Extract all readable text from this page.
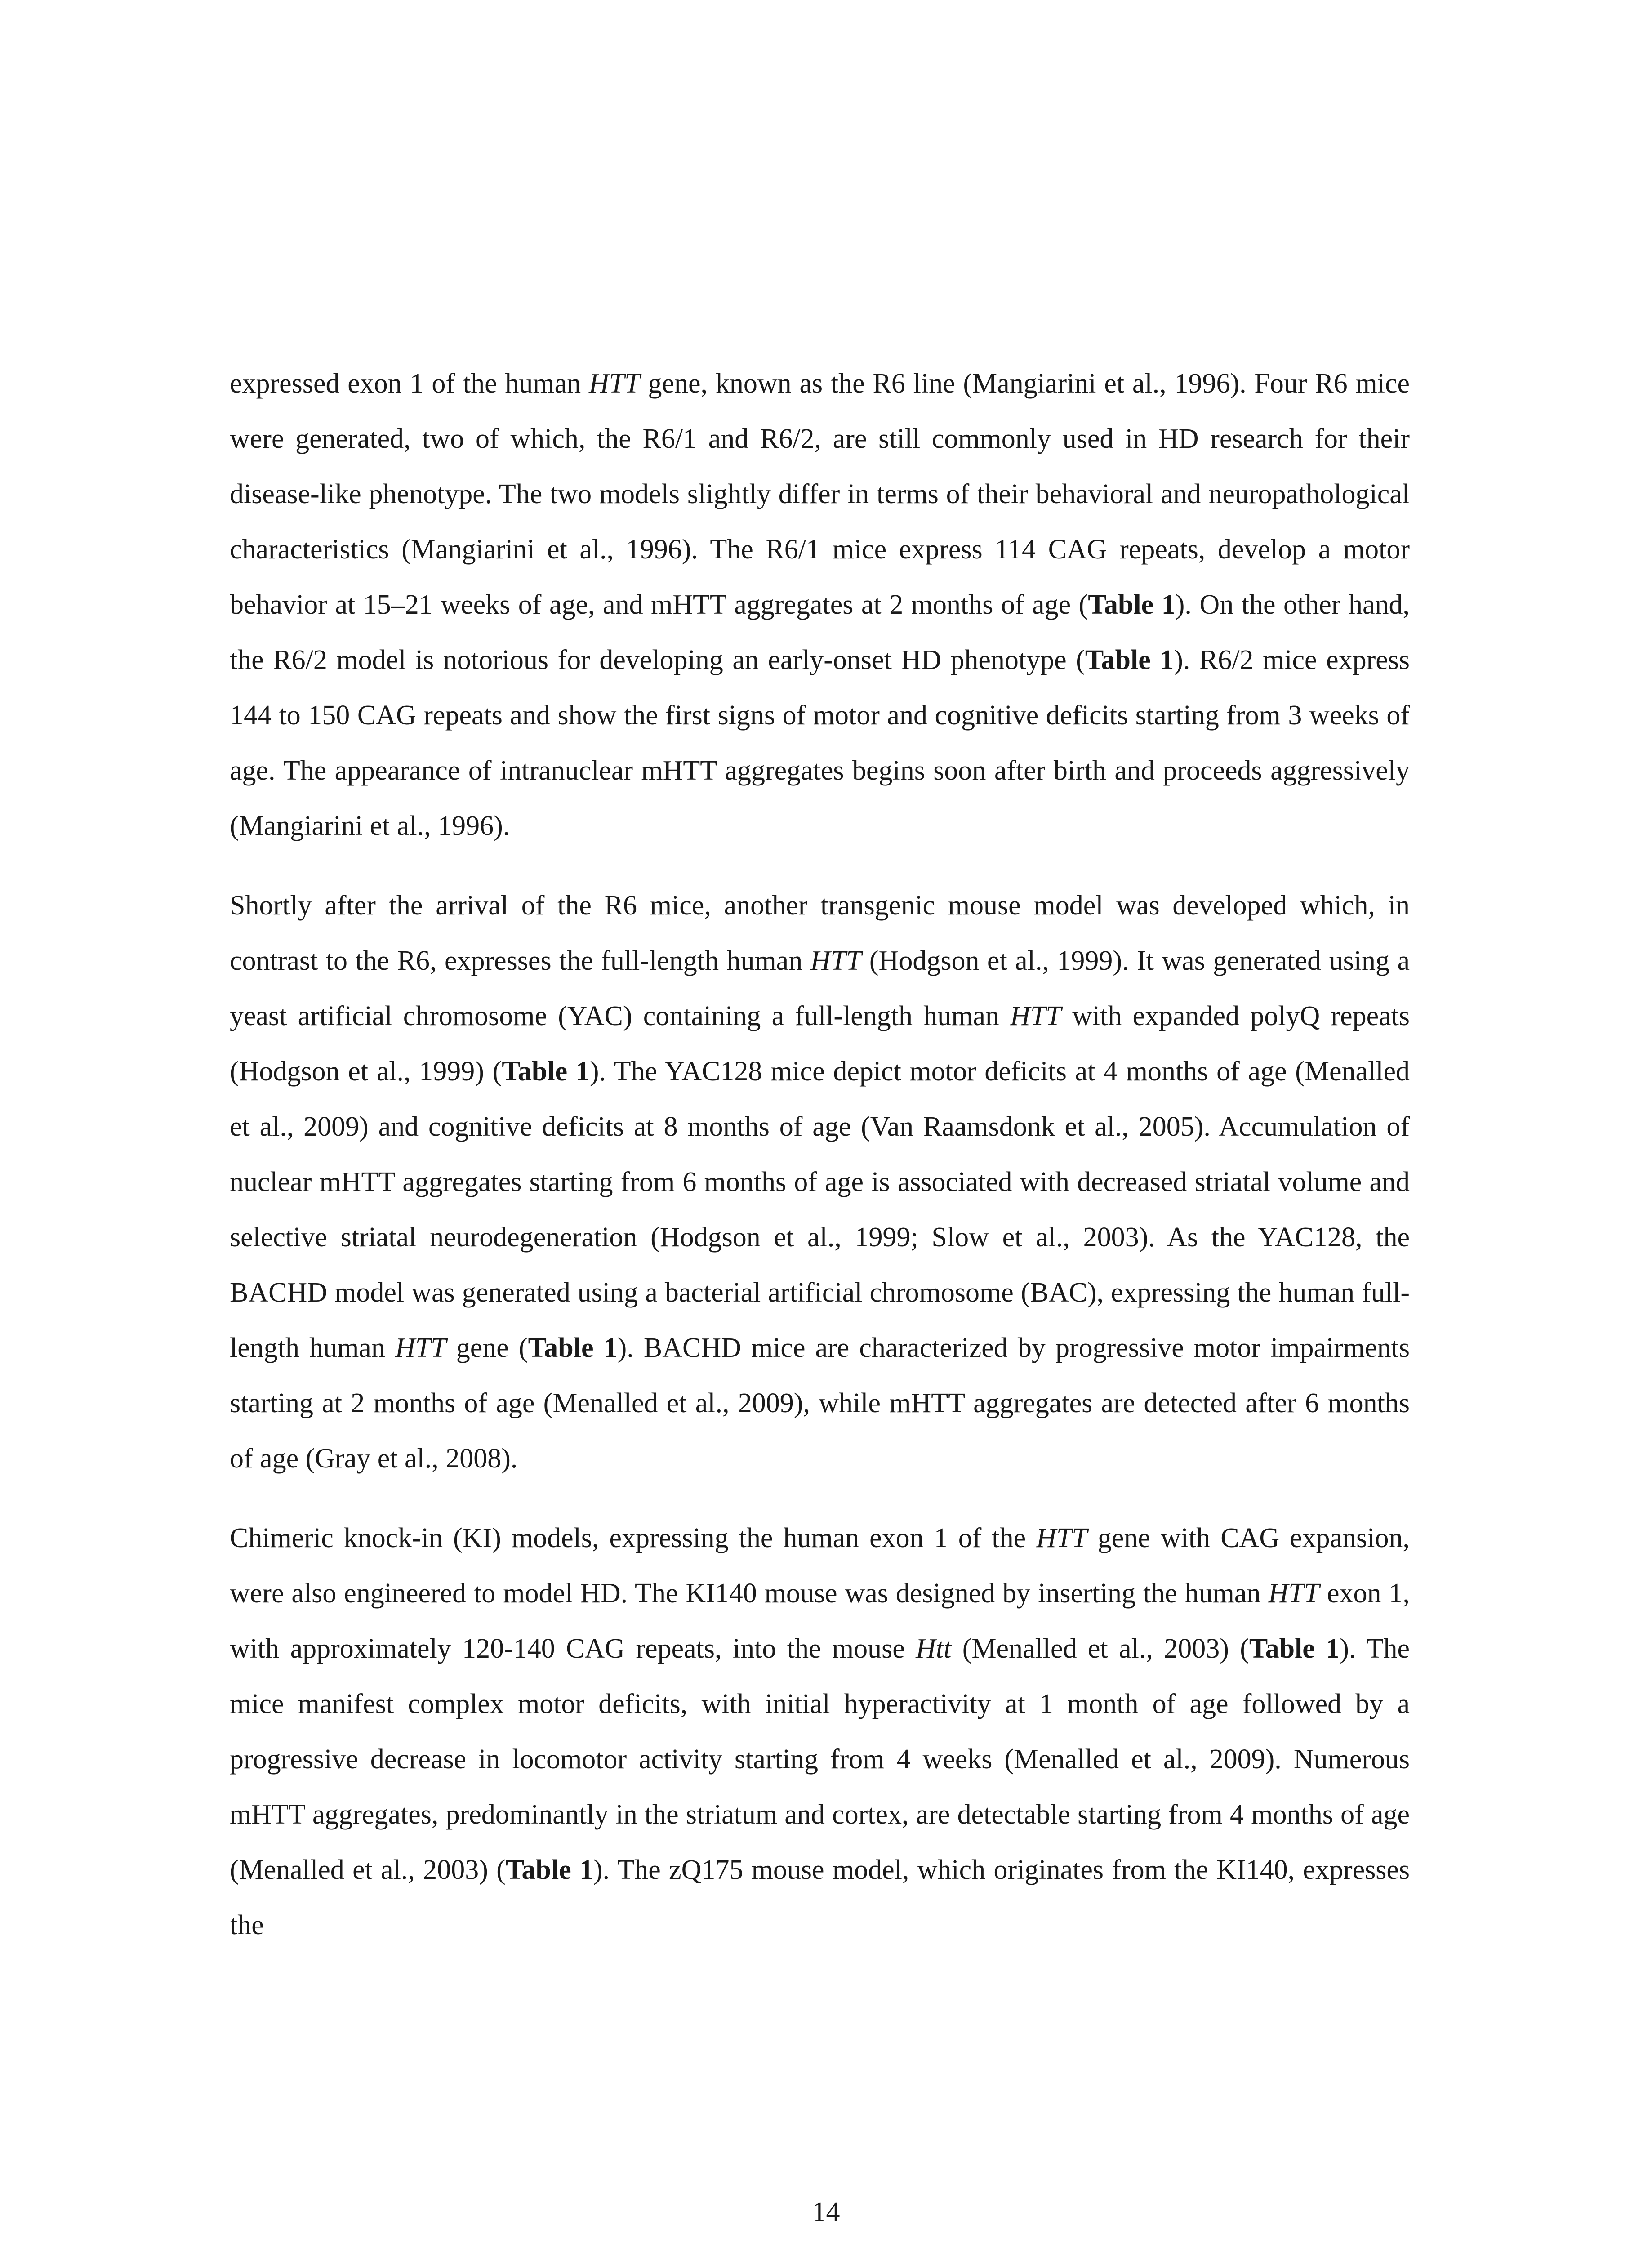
expressed exon 1 of the human HTT gene, known as the R6 line (Mangiarini et al., 1996). Four R6 mice were generated, two of which, the R6/1 and R6/2, are still commonly used in HD research for their disease-like phenotype. The two models slightly differ in terms of their behavioral and neuropathological characteristics (Mangiarini et al., 1996). The R6/1 mice express 114 CAG repeats, develop a motor behavior at 15–21 weeks of age, and mHTT aggregates at 2 months of age (Table 1). On the other hand, the R6/2 model is notorious for developing an early-onset HD phenotype (Table 1). R6/2 mice express 144 to 150 CAG repeats and show the first signs of motor and cognitive deficits starting from 3 weeks of age. The appearance of intranuclear mHTT aggregates begins soon after birth and proceeds aggressively (Mangiarini et al., 1996).

Shortly after the arrival of the R6 mice, another transgenic mouse model was developed which, in contrast to the R6, expresses the full-length human HTT (Hodgson et al., 1999). It was generated using a yeast artificial chromosome (YAC) containing a full-length human HTT with expanded polyQ repeats (Hodgson et al., 1999) (Table 1). The YAC128 mice depict motor deficits at 4 months of age (Menalled et al., 2009) and cognitive deficits at 8 months of age (Van Raamsdonk et al., 2005). Accumulation of nuclear mHTT aggregates starting from 6 months of age is associated with decreased striatal volume and selective striatal neurodegeneration (Hodgson et al., 1999; Slow et al., 2003). As the YAC128, the BACHD model was generated using a bacterial artificial chromosome (BAC), expressing the human full-length human HTT gene (Table 1). BACHD mice are characterized by progressive motor impairments starting at 2 months of age (Menalled et al., 2009), while mHTT aggregates are detected after 6 months of age (Gray et al., 2008).

Chimeric knock-in (KI) models, expressing the human exon 1 of the HTT gene with CAG expansion, were also engineered to model HD. The KI140 mouse was designed by inserting the human HTT exon 1, with approximately 120-140 CAG repeats, into the mouse Htt (Menalled et al., 2003) (Table 1). The mice manifest complex motor deficits, with initial hyperactivity at 1 month of age followed by a progressive decrease in locomotor activity starting from 4 weeks (Menalled et al., 2009). Numerous mHTT aggregates, predominantly in the striatum and cortex, are detectable starting from 4 months of age (Menalled et al., 2003) (Table 1). The zQ175 mouse model, which originates from the KI140, expresses the

14
